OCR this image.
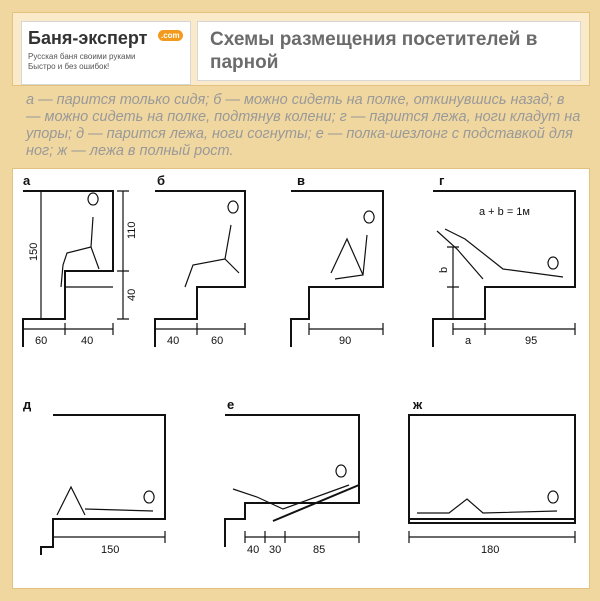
Баня-эксперт	.com
Русская баня своими руками
Быстро и без ошибок!
Схемы размещения посетителей в парной
а — парится только сидя; б — можно сидеть на полке, откинувшись назад; в — можно сидеть на полке, подтянув колени; г — парится лежа, ноги кладут на упоры; д — парится лежа, ноги согнуты; е — полка-шезлонг с подставкой для ног; ж — лежа в полный рост.
а
150
110
40
60	40
б
40	60
в
90
г
a + b = 1м
b
a	95
д
150
е
40 30	85
ж
180
